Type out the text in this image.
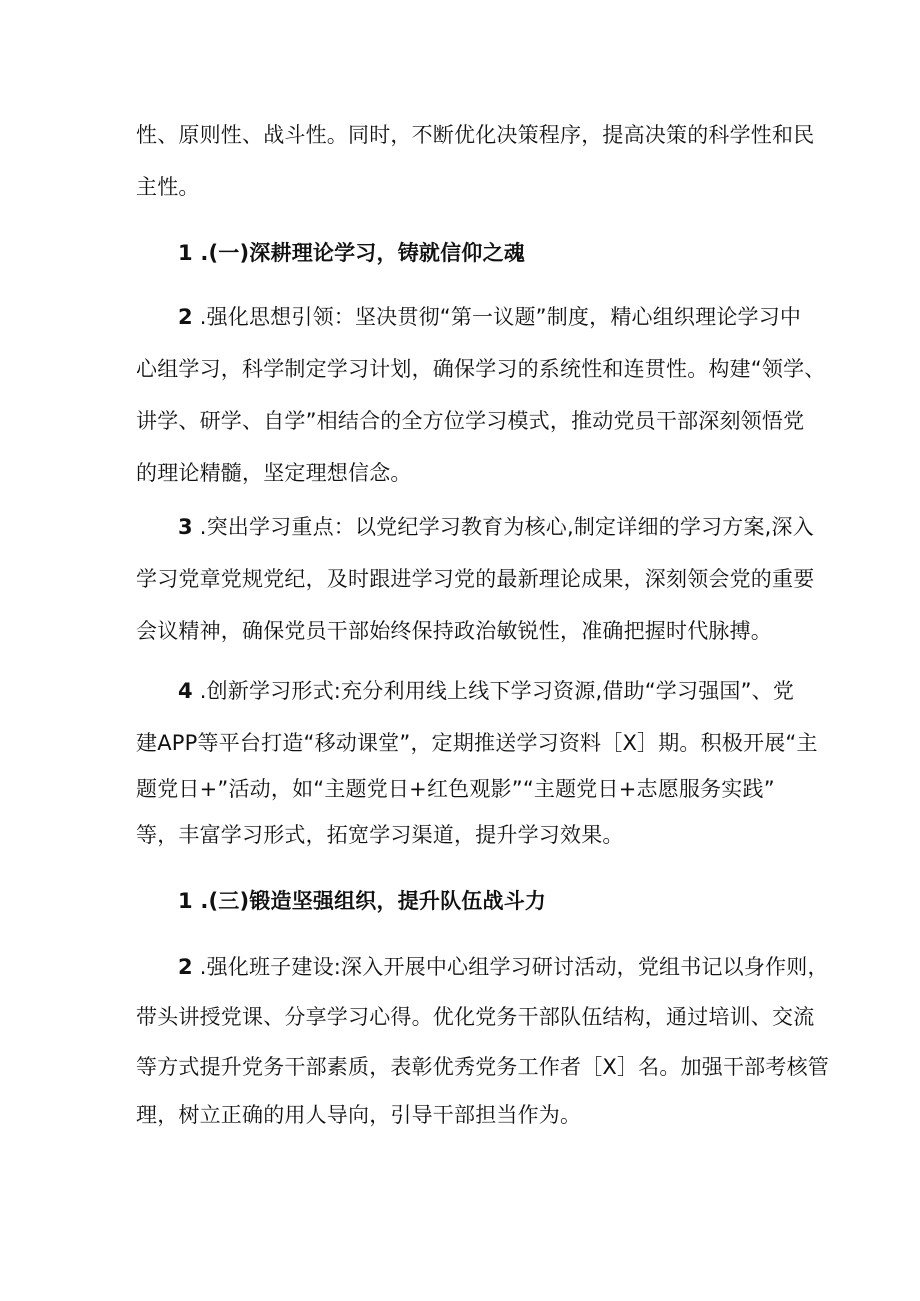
性、原则性、战斗性。同时，不断优化决策程序，提高决策的科学性和民
主性。
1 .(一)深耕理论学习，铸就信仰之魂
2 .强化思想引领：坚决贯彻“第一议题”制度，精心组织理论学习中
心组学习，科学制定学习计划，确保学习的系统性和连贯性。构建“领学、
讲学、研学、自学”相结合的全方位学习模式，推动党员干部深刻领悟党
的理论精髓，坚定理想信念。
3 .突出学习重点：以党纪学习教育为核心,制定详细的学习方案,深入
学习党章党规党纪，及时跟进学习党的最新理论成果，深刻领会党的重要
会议精神，确保党员干部始终保持政治敏锐性，准确把握时代脉搏。
4 .创新学习形式:充分利用线上线下学习资源,借助“学习强国”、党
建APP等平台打造“移动课堂”，定期推送学习资料［X］期。积极开展“主
题党日+”活动，如“主题党日+红色观影”“主题党日+志愿服务实践”
等，丰富学习形式，拓宽学习渠道，提升学习效果。
1 .(三)锻造坚强组织，提升队伍战斗力
2 .强化班子建设:深入开展中心组学习研讨活动，党组书记以身作则，
带头讲授党课、分享学习心得。优化党务干部队伍结构，通过培训、交流
等方式提升党务干部素质，表彰优秀党务工作者［X］名。加强干部考核管
理，树立正确的用人导向，引导干部担当作为。
